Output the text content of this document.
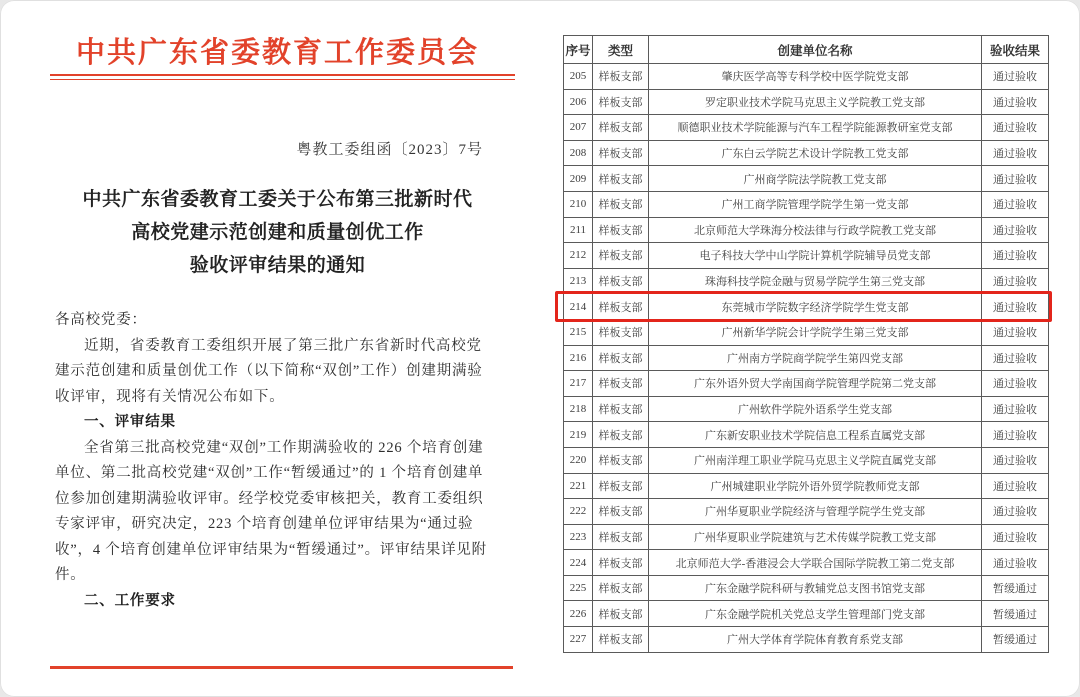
中共广东省委教育工作委员会
粤教工委组函〔2023〕7号
中共广东省委教育工委关于公布第三批新时代
高校党建示范创建和质量创优工作
验收评审结果的通知
各高校党委：
近期，省委教育工委组织开展了第三批广东省新时代高校党
建示范创建和质量创优工作（以下简称“双创”工作）创建期满验
收评审，现将有关情况公布如下。
一、评审结果
全省第三批高校党建“双创”工作期满验收的 226 个培育创建
单位、第二批高校党建“双创”工作“暂缓通过”的 1 个培育创建单
位参加创建期满验收评审。经学校党委审核把关，教育工委组织
专家评审，研究决定，223 个培育创建单位评审结果为“通过验
收”，4 个培育创建单位评审结果为“暂缓通过”。评审结果详见附
件。
二、工作要求
序号	类型	创建单位名称	验收结果
205	样板支部	肇庆医学高等专科学校中医学院党支部	通过验收
206	样板支部	罗定职业技术学院马克思主义学院教工党支部	通过验收
207	样板支部	顺德职业技术学院能源与汽车工程学院能源教研室党支部	通过验收
208	样板支部	广东白云学院艺术设计学院教工党支部	通过验收
209	样板支部	广州商学院法学院教工党支部	通过验收
210	样板支部	广州工商学院管理学院学生第一党支部	通过验收
211	样板支部	北京师范大学珠海分校法律与行政学院教工党支部	通过验收
212	样板支部	电子科技大学中山学院计算机学院辅导员党支部	通过验收
213	样板支部	珠海科技学院金融与贸易学院学生第三党支部	通过验收
214	样板支部	东莞城市学院数字经济学院学生党支部	通过验收
215	样板支部	广州新华学院会计学院学生第三党支部	通过验收
216	样板支部	广州南方学院商学院学生第四党支部	通过验收
217	样板支部	广东外语外贸大学南国商学院管理学院第二党支部	通过验收
218	样板支部	广州软件学院外语系学生党支部	通过验收
219	样板支部	广东新安职业技术学院信息工程系直属党支部	通过验收
220	样板支部	广州南洋理工职业学院马克思主义学院直属党支部	通过验收
221	样板支部	广州城建职业学院外语外贸学院教师党支部	通过验收
222	样板支部	广州华夏职业学院经济与管理学院学生党支部	通过验收
223	样板支部	广州华夏职业学院建筑与艺术传媒学院教工党支部	通过验收
224	样板支部	北京师范大学-香港浸会大学联合国际学院教工第二党支部	通过验收
225	样板支部	广东金融学院科研与教辅党总支图书馆党支部	暂缓通过
226	样板支部	广东金融学院机关党总支学生管理部门党支部	暂缓通过
227	样板支部	广州大学体育学院体育教育系党支部	暂缓通过
